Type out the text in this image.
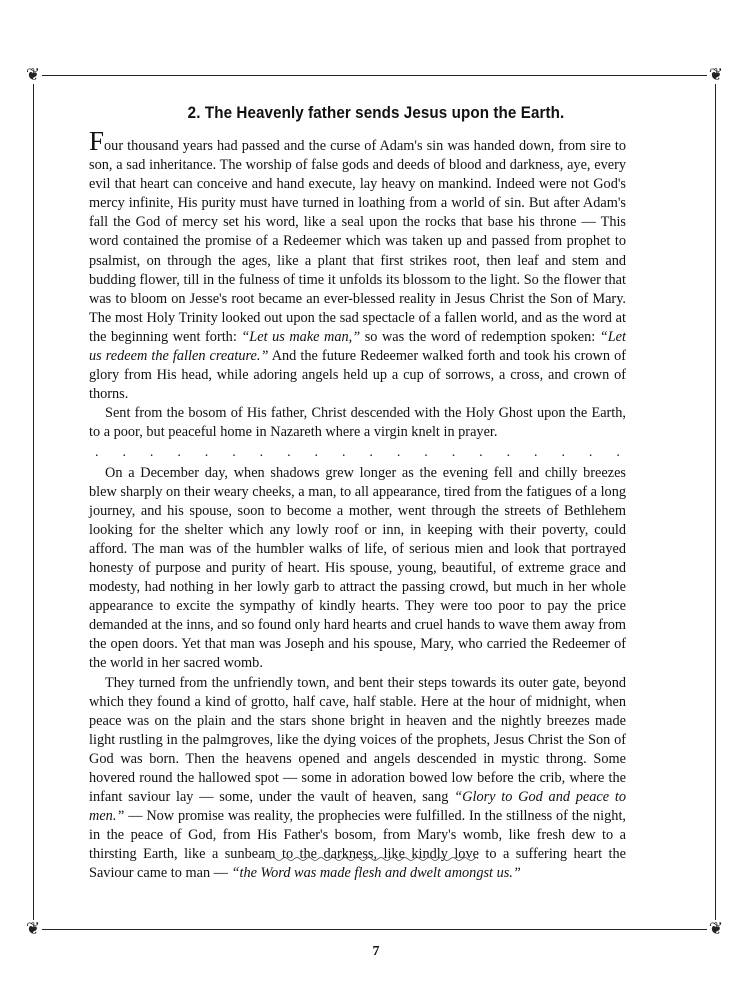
❦	❦
❦	❦
2. The Heavenly father sends Jesus upon the Earth.

Four thousand years had passed and the curse of Adam's sin was handed down, from sire to son, a sad inheritance. The worship of false gods and deeds of blood and darkness, aye, every evil that heart can conceive and hand execute, lay heavy on mankind. Indeed were not God's mercy infinite, His purity must have turned in loathing from a world of sin. But after Adam's fall the God of mercy set his word, like a seal upon the rocks that base his throne — This word contained the promise of a Redeemer which was taken up and passed from prophet to psalmist, on through the ages, like a plant that first strikes root, then leaf and stem and budding flower, till in the fulness of time it unfolds its blossom to the light. So the flower that was to bloom on Jesse's root became an ever-blessed reality in Jesus Christ the Son of Mary. The most Holy Trinity looked out upon the sad spectacle of a fallen world, and as the word at the beginning went forth: “Let us make man,” so was the word of redemption spoken: “Let us redeem the fallen creature.” And the future Redeemer walked forth and took his crown of glory from His head, while adoring angels held up a cup of sorrows, a cross, and crown of thorns.

Sent from the bosom of His father, Christ descended with the Holy Ghost upon the Earth, to a poor, but peaceful home in Nazareth where a virgin knelt in prayer.

. . . . . . . . . . . . . . . . . . . .

On a December day, when shadows grew longer as the evening fell and chilly breezes blew sharply on their weary cheeks, a man, to all appearance, tired from the fatigues of a long journey, and his spouse, soon to become a mother, went through the streets of Bethlehem looking for the shelter which any lowly roof or inn, in keeping with their poverty, could afford. The man was of the humbler walks of life, of serious mien and look that portrayed honesty of purpose and purity of heart. His spouse, young, beautiful, of extreme grace and modesty, had nothing in her lowly garb to attract the passing crowd, but much in her whole appearance to excite the sympathy of kindly hearts. They were too poor to pay the price demanded at the inns, and so found only hard hearts and cruel hands to wave them away from the open doors. Yet that man was Joseph and his spouse, Mary, who carried the Redeemer of the world in her sacred womb.

They turned from the unfriendly town, and bent their steps towards its outer gate, beyond which they found a kind of grotto, half cave, half stable. Here at the hour of midnight, when peace was on the plain and the stars shone bright in heaven and the nightly breezes made light rustling in the palmgroves, like the dying voices of the prophets, Jesus Christ the Son of God was born. Then the heavens opened and angels descended in mystic throng. Some hovered round the hallowed spot — some in adoration bowed low before the crib, where the infant saviour lay — some, under the vault of heaven, sang “Glory to God and peace to men.” — Now promise was reality, the prophecies were fulfilled. In the stillness of the night, in the peace of God, from His Father's bosom, from Mary's womb, like fresh dew to a thirsting Earth, like a sunbeam to the darkness, like kindly love to a suffering heart the Saviour came to man — “the Word was made flesh and dwelt amongst us.”

7
